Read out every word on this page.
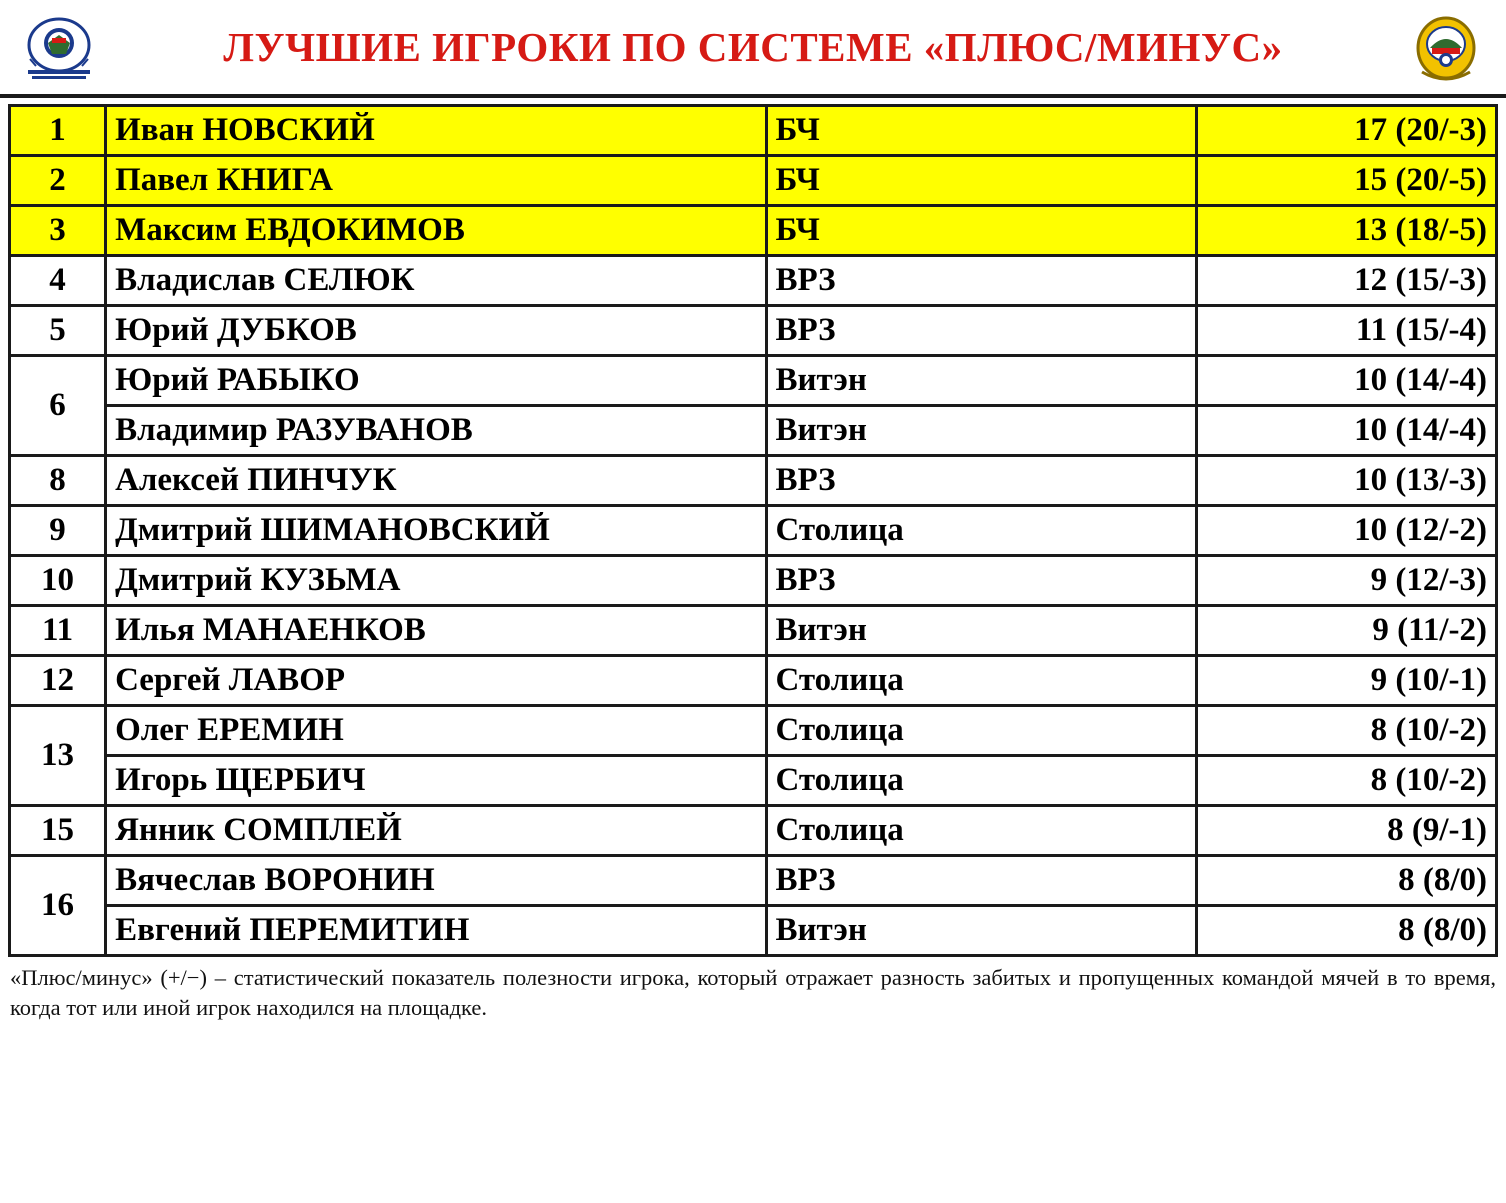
ЛУЧШИЕ ИГРОКИ ПО СИСТЕМЕ «ПЛЮС/МИНУС»
1	Иван НОВСКИЙ	БЧ	17 (20/-3)
2	Павел КНИГА	БЧ	15 (20/-5)
3	Максим ЕВДОКИМОВ	БЧ	13 (18/-5)
4	Владислав СЕЛЮК	ВРЗ	12 (15/-3)
5	Юрий ДУБКОВ	ВРЗ	11 (15/-4)
6	Юрий РАБЫКО	Витэн	10 (14/-4)
	Владимир РАЗУВАНОВ	Витэн	10 (14/-4)
8	Алексей ПИНЧУК	ВРЗ	10 (13/-3)
9	Дмитрий ШИМАНОВСКИЙ	Столица	10 (12/-2)
10	Дмитрий КУЗЬМА	ВРЗ	9 (12/-3)
11	Илья МАНАЕНКОВ	Витэн	9 (11/-2)
12	Сергей ЛАВОР	Столица	9 (10/-1)
13	Олег ЕРЕМИН	Столица	8 (10/-2)
	Игорь ЩЕРБИЧ	Столица	8 (10/-2)
15	Янник СОМПЛЕЙ	Столица	8 (9/-1)
16	Вячеслав ВОРОНИН	ВРЗ	8 (8/0)
	Евгений ПЕРЕМИТИН	Витэн	8 (8/0)
«Плюс/минус» (+/−) – статистический показатель полезности игрока, который отражает разность забитых и пропущенных командой мячей в то время, когда тот или иной игрок находился на площадке.
